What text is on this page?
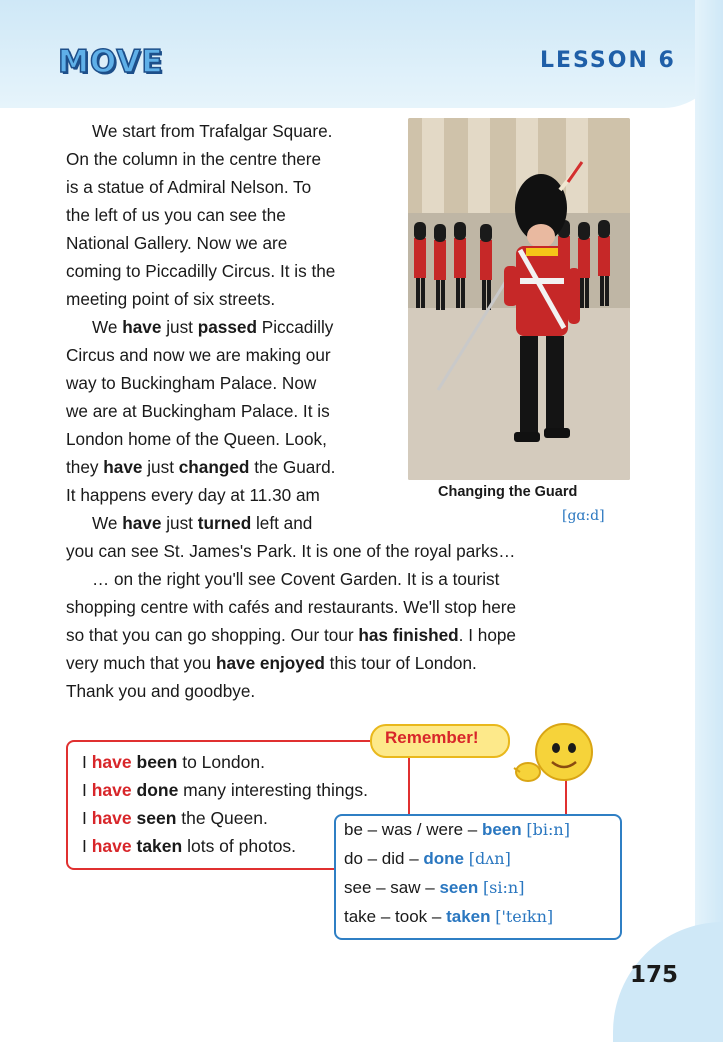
MOVE	LESSON 6
We start from Trafalgar Square.
On the column in the centre there
is a statue of Admiral Nelson. To
the left of us you can see the
National Gallery. Now we are
coming to Piccadilly Circus. It is the
meeting point of six streets.
We have just passed Piccadilly
Circus and now we are making our
way to Buckingham Palace. Now
we are at Buckingham Palace. It is
London home of the Queen. Look,
they have just changed the Guard.
It happens every day at 11.30 am
We have just turned left and
you can see St. James's Park. It is one of the royal parks…
… on the right you'll see Covent Garden. It is a tourist
shopping centre with cafés and restaurants. We'll stop here
so that you can go shopping. Our tour has finished. I hope
very much that you have enjoyed this tour of London.
Thank you and goodbye.
Changing the Guard
[gɑ:d]
Remember!
I have been to London.
I have done many interesting things.
I have seen the Queen.
I have taken lots of photos.
be – was / were – been [bi:n]
do – did – done [dʌn]
see – saw – seen [si:n]
take – took – taken ['teɪkn]
175
